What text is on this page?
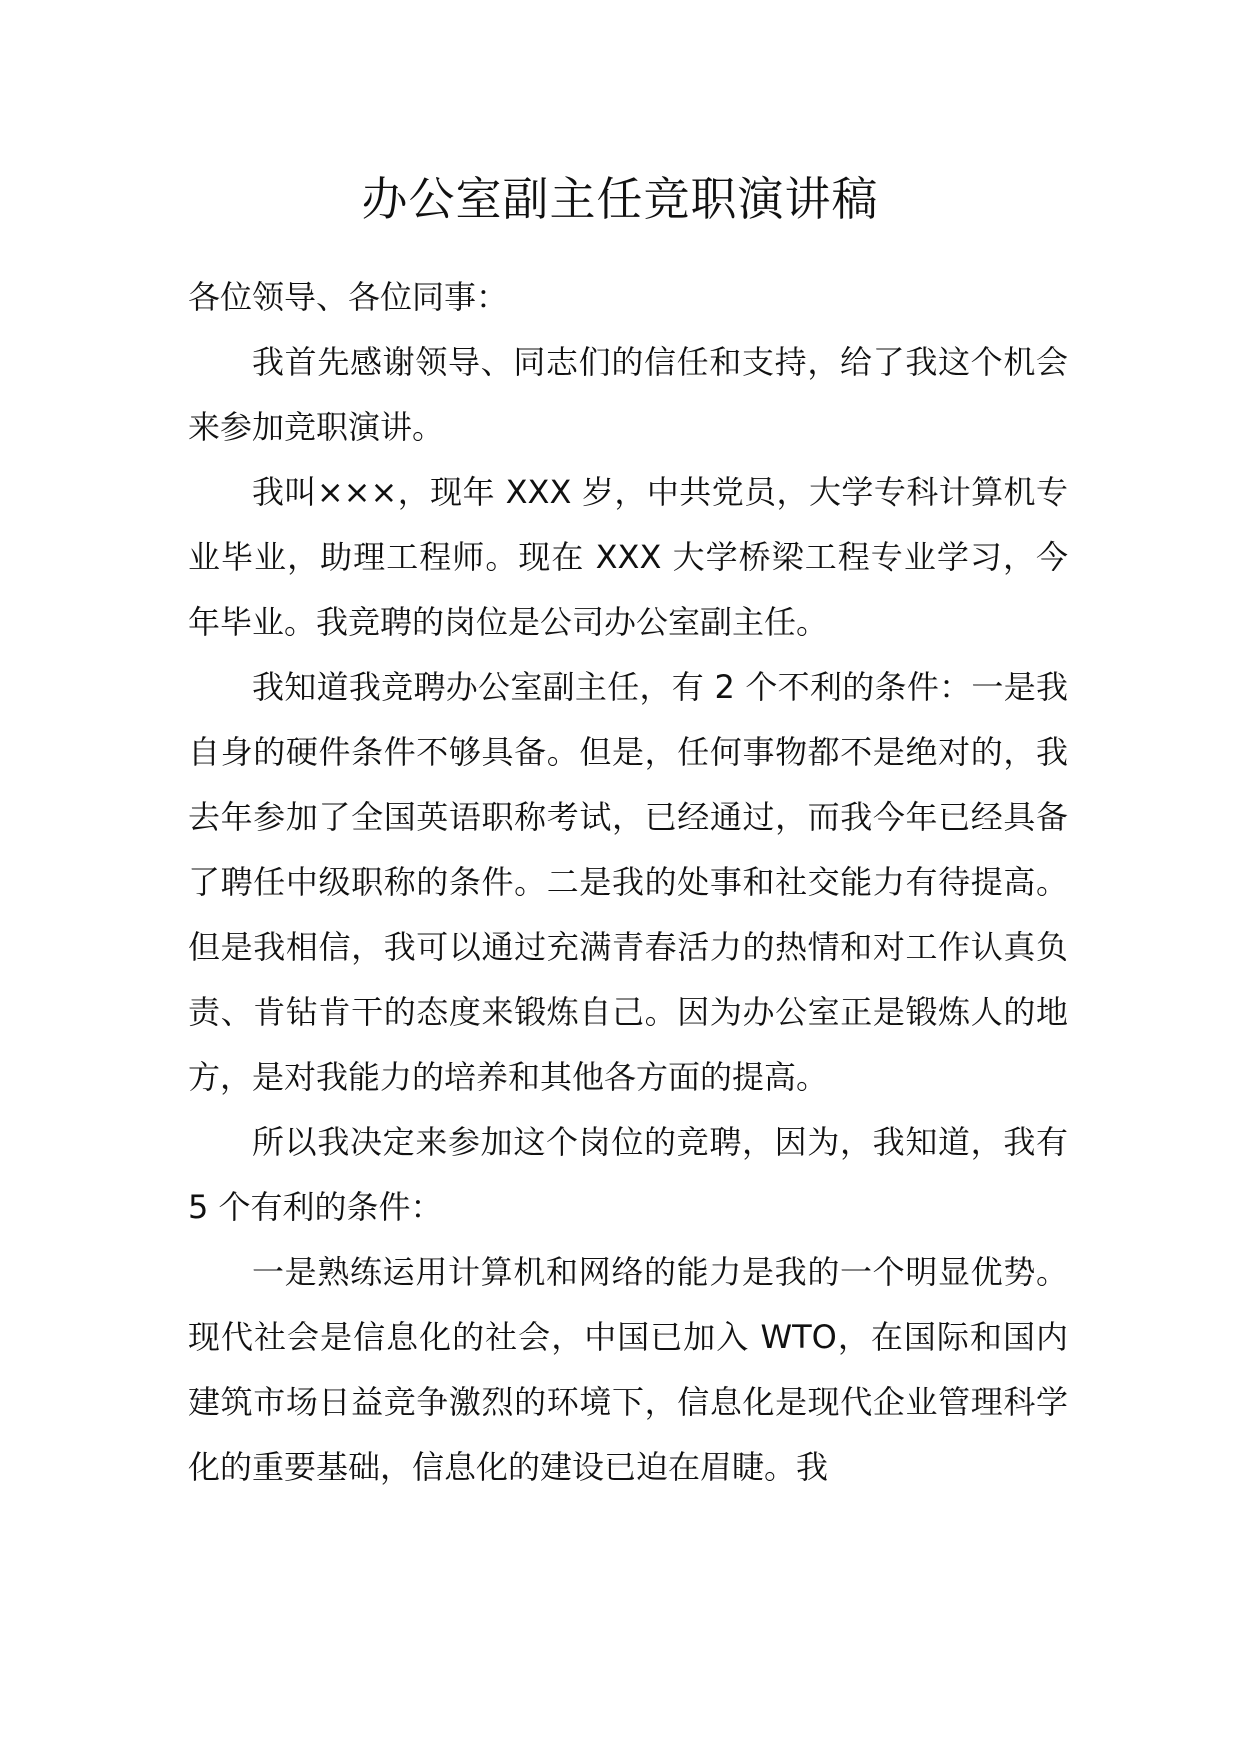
办公室副主任竞职演讲稿

各位领导、各位同事：

我首先感谢领导、同志们的信任和支持，给了我这个机会来参加竞职演讲。

我叫×××，现年 XXX 岁，中共党员，大学专科计算机专业毕业，助理工程师。现在 XXX 大学桥梁工程专业学习，今年毕业。我竞聘的岗位是公司办公室副主任。

我知道我竞聘办公室副主任，有 2 个不利的条件：一是我自身的硬件条件不够具备。但是，任何事物都不是绝对的，我去年参加了全国英语职称考试，已经通过，而我今年已经具备了聘任中级职称的条件。二是我的处事和社交能力有待提高。但是我相信，我可以通过充满青春活力的热情和对工作认真负责、肯钻肯干的态度来锻炼自己。因为办公室正是锻炼人的地方，是对我能力的培养和其他各方面的提高。

所以我决定来参加这个岗位的竞聘，因为，我知道，我有 5 个有利的条件：

一是熟练运用计算机和网络的能力是我的一个明显优势。现代社会是信息化的社会，中国已加入 WTO，在国际和国内建筑市场日益竞争激烈的环境下，信息化是现代企业管理科学化的重要基础，信息化的建设已迫在眉睫。我
